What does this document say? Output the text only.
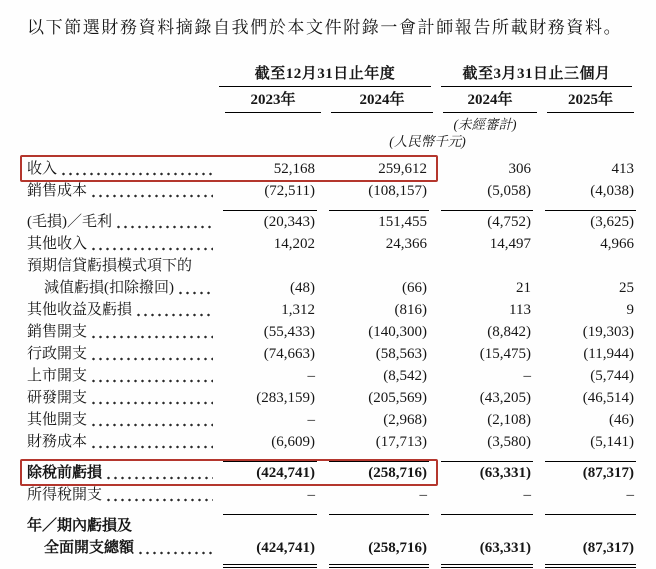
以下節選財務資料摘錄自我們於本文件附錄一會計師報告所載財務資料。

截至12月31日止年度	截至3月31日止三個月
2023年	2024年	2024年	2025年
(未經審計)
(人民幣千元)
收入	52,168	259,612	306	413
銷售成本	(72,511)	(108,157)	(5,058)	(4,038)
(毛損)／毛利	(20,343)	151,455	(4,752)	(3,625)
其他收入	14,202	24,366	14,497	4,966
預期信貸虧損模式項下的
減值虧損(扣除撥回)	(48)	(66)	21	25
其他收益及虧損	1,312	(816)	113	9
銷售開支	(55,433)	(140,300)	(8,842)	(19,303)
行政開支	(74,663)	(58,563)	(15,475)	(11,944)
上市開支	–	(8,542)	–	(5,744)
研發開支	(283,159)	(205,569)	(43,205)	(46,514)
其他開支	–	(2,968)	(2,108)	(46)
財務成本	(6,609)	(17,713)	(3,580)	(5,141)
除稅前虧損	(424,741)	(258,716)	(63,331)	(87,317)
所得稅開支	–	–	–	–
年／期內虧損及
全面開支總額	(424,741)	(258,716)	(63,331)	(87,317)
